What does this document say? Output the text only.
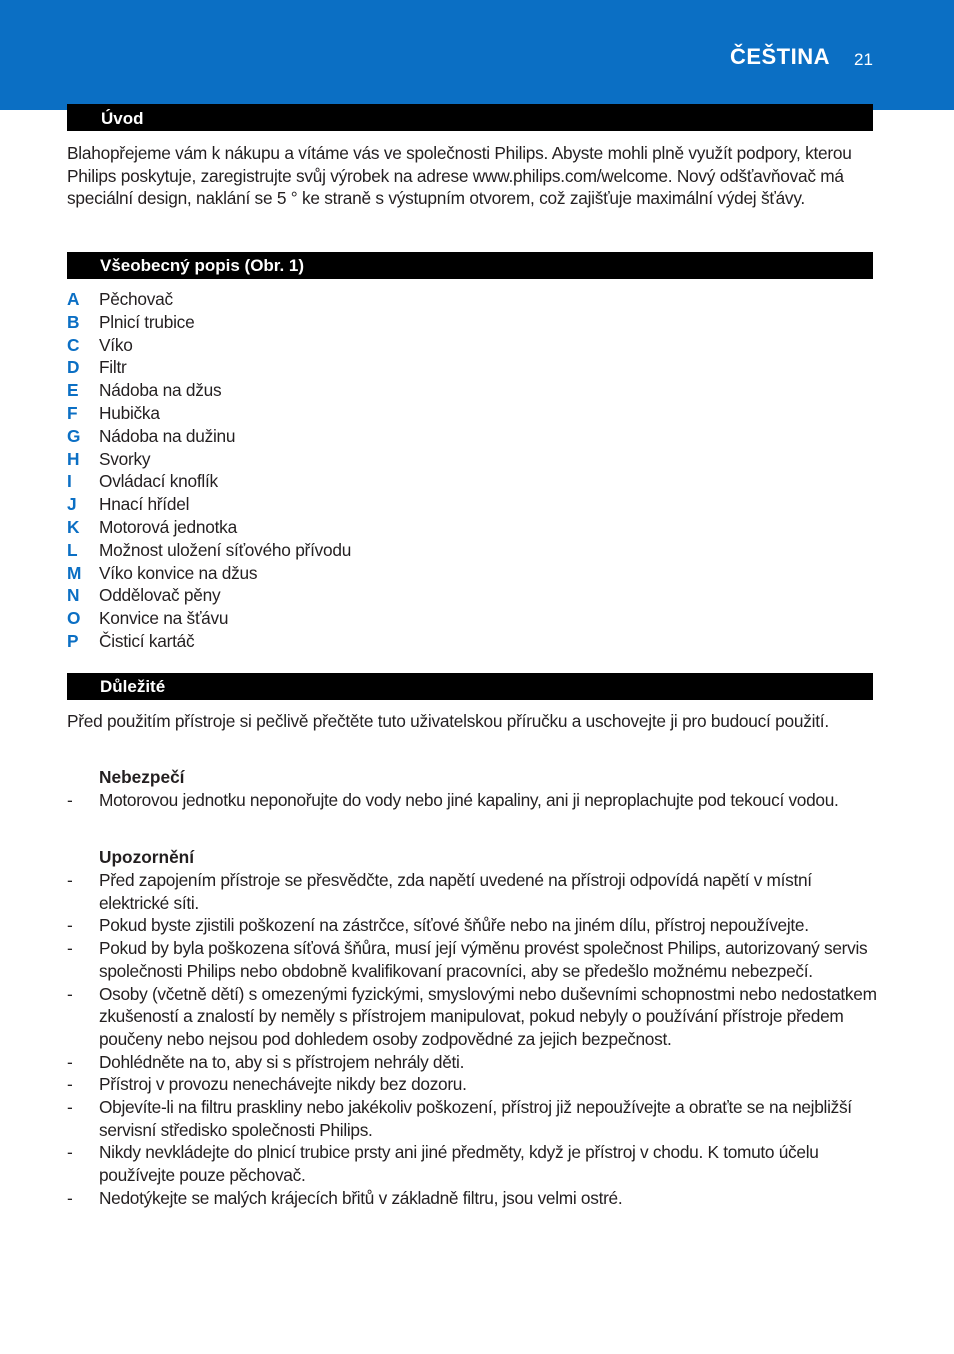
ČEŠTINA 21
Úvod
Blahopřejeme vám k nákupu a vítáme vás ve společnosti Philips. Abyste mohli plně využít podpory, kterou Philips poskytuje, zaregistrujte svůj výrobek na adrese www.philips.com/welcome. Nový odšťavňovač má speciální design, naklání se 5 ° ke straně s výstupním otvorem, což zajišťuje maximální výdej šťávy.
Všeobecný popis (Obr. 1)
A	Pěchovač
B	Plnicí trubice
C	Víko
D	Filtr
E	Nádoba na džus
F	Hubička
G	Nádoba na dužinu
H	Svorky
I	Ovládací knoflík
J	Hnací hřídel
K	Motorová jednotka
L	Možnost uložení síťového přívodu
M	Víko konvice na džus
N	Oddělovač pěny
O	Konvice na šťávu
P	Čisticí kartáč
Důležité
Před použitím přístroje si pečlivě přečtěte tuto uživatelskou příručku a uschovejte ji pro budoucí použití.
Nebezpečí
- Motorovou jednotku neponořujte do vody nebo jiné kapaliny, ani ji neproplachujte pod tekoucí vodou.
Upozornění
- Před zapojením přístroje se přesvědčte, zda napětí uvedené na přístroji odpovídá napětí v místní elektrické síti.
- Pokud byste zjistili poškození na zástrčce, síťové šňůře nebo na jiném dílu, přístroj nepoužívejte.
- Pokud by byla poškozena síťová šňůra, musí její výměnu provést společnost Philips, autorizovaný servis společnosti Philips nebo obdobně kvalifikovaní pracovníci, aby se předešlo možnému nebezpečí.
- Osoby (včetně dětí) s omezenými fyzickými, smyslovými nebo duševními schopnostmi nebo nedostatkem zkušeností a znalostí by neměly s přístrojem manipulovat, pokud nebyly o používání přístroje předem poučeny nebo nejsou pod dohledem osoby zodpovědné za jejich bezpečnost.
- Dohlédněte na to, aby si s přístrojem nehrály děti.
- Přístroj v provozu nenechávejte nikdy bez dozoru.
- Objevíte-li na filtru praskliny nebo jakékoliv poškození, přístroj již nepoužívejte a obraťte se na nejbližší servisní středisko společnosti Philips.
- Nikdy nevkládejte do plnicí trubice prsty ani jiné předměty, když je přístroj v chodu. K tomuto účelu používejte pouze pěchovač.
- Nedotýkejte se malých krájecích břitů v základně filtru, jsou velmi ostré.
